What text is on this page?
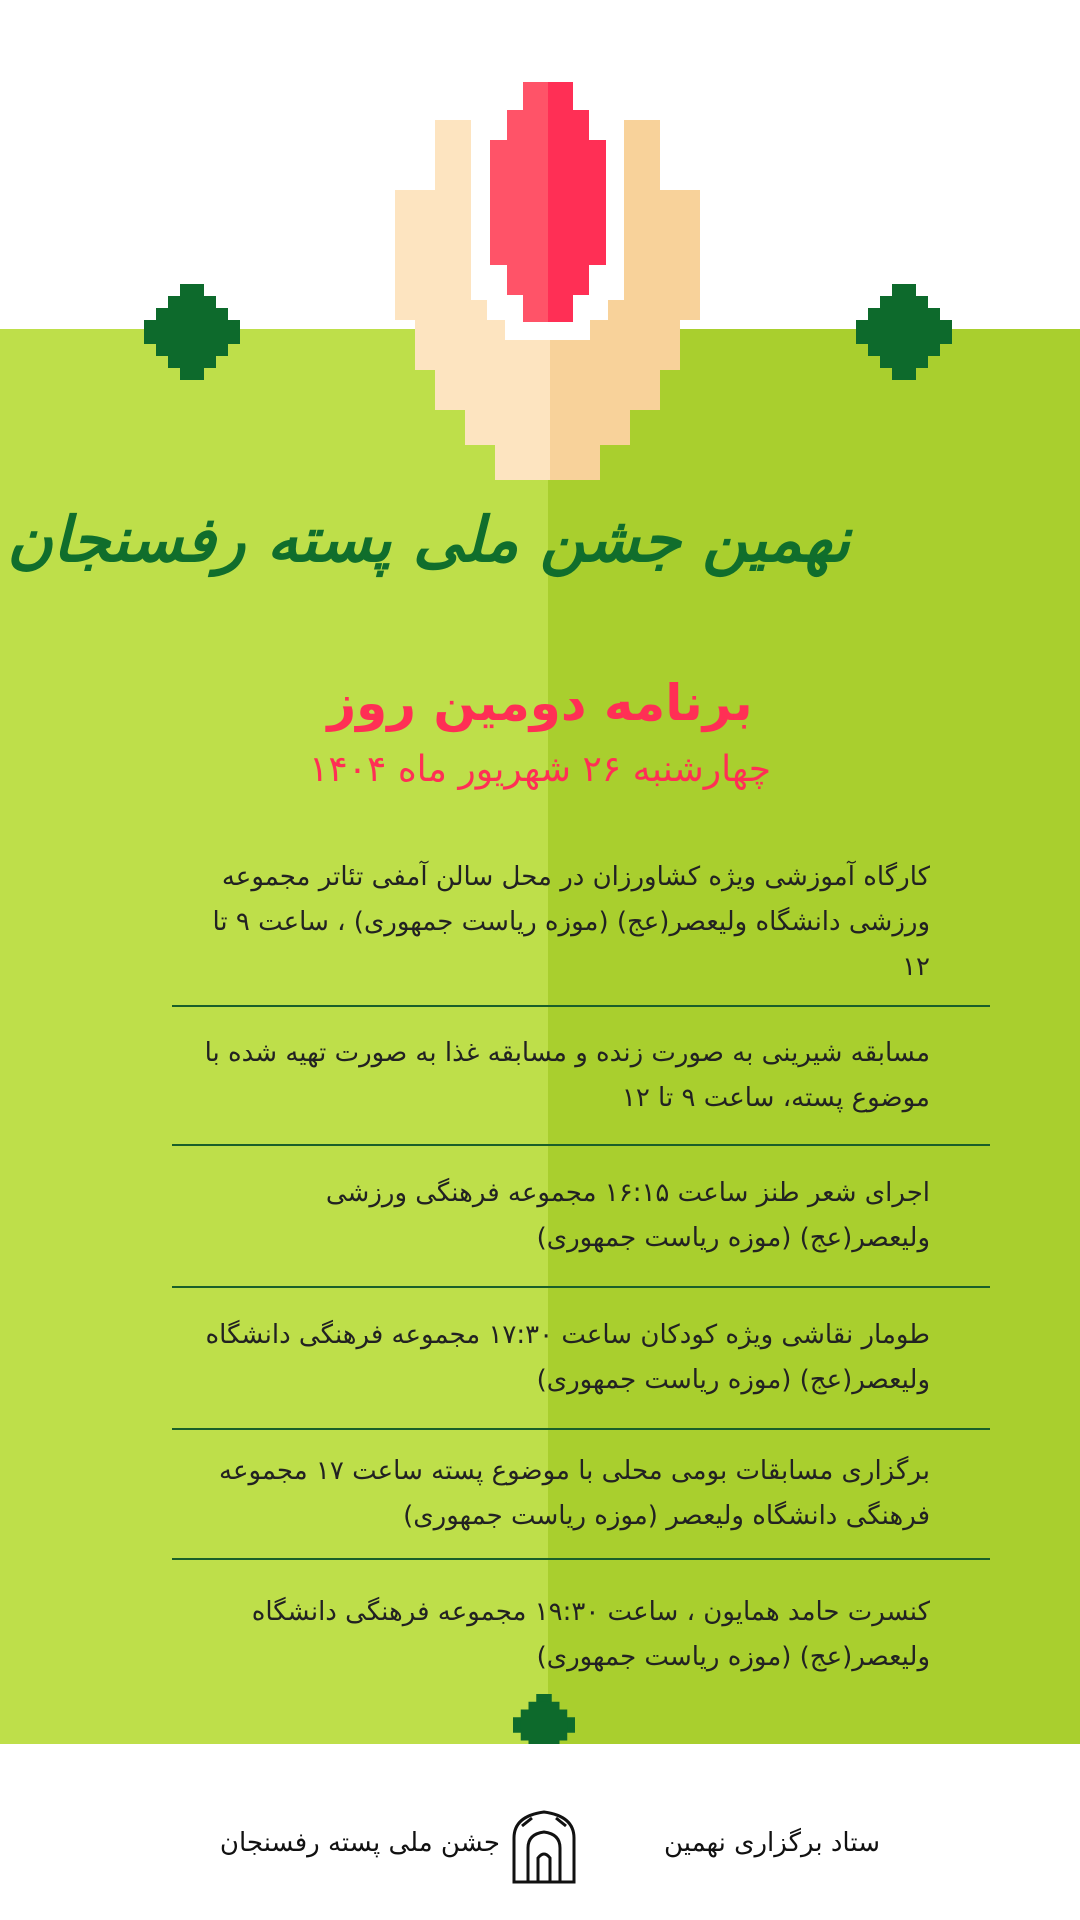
نهمین جشن ملی پسته رفسنجان
برنامه دومین روز
چهارشنبه ۲۶ شهریور ماه ۱۴۰۴
کارگاه آموزشی ویژه کشاورزان در محل سالن آمفی تئاتر مجموعه ورزشی دانشگاه ولیعصر(عج) (موزه ریاست جمهوری) ، ساعت ۹ تا ۱۲
مسابقه شیرینی به صورت زنده و مسابقه غذا به صورت تهیه شده با موضوع پسته، ساعت ۹ تا ۱۲
اجرای شعر طنز ساعت ۱۶:۱۵ مجموعه فرهنگی ورزشی ولیعصر(عج) (موزه ریاست جمهوری)
طومار نقاشی ویژه کودکان ساعت ۱۷:۳۰ مجموعه فرهنگی دانشگاه ولیعصر(عج) (موزه ریاست جمهوری)
برگزاری مسابقات بومی محلی با موضوع پسته ساعت ۱۷ مجموعه فرهنگی دانشگاه ولیعصر (موزه ریاست جمهوری)
کنسرت حامد همایون ، ساعت ۱۹:۳۰ مجموعه فرهنگی دانشگاه ولیعصر(عج) (موزه ریاست جمهوری)
ستاد برگزاری نهمین
جشن ملی پسته رفسنجان
